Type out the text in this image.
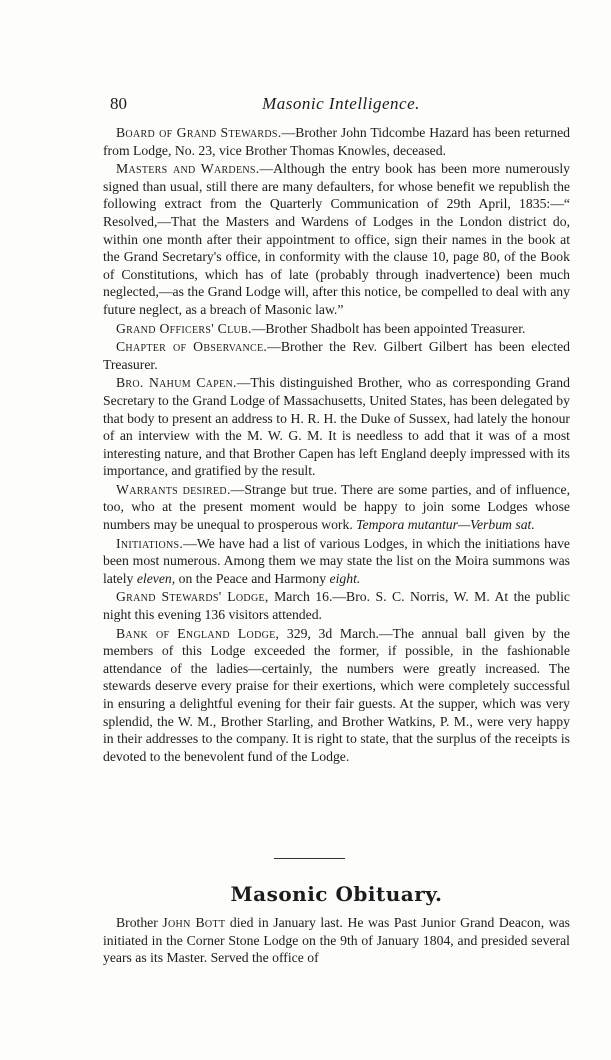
80	Masonic Intelligence.

Board of Grand Stewards.—Brother John Tidcombe Hazard has been returned from Lodge, No. 23, vice Brother Thomas Knowles, deceased.

Masters and Wardens.—Although the entry book has been more numerously signed than usual, still there are many defaulters, for whose benefit we republish the following extract from the Quarterly Communication of 29th April, 1835:—“ Resolved,—That the Masters and Wardens of Lodges in the London district do, within one month after their appointment to office, sign their names in the book at the Grand Secretary's office, in conformity with the clause 10, page 80, of the Book of Constitutions, which has of late (probably through inadvertence) been much neglected,—as the Grand Lodge will, after this notice, be compelled to deal with any future neglect, as a breach of Masonic law.”

Grand Officers' Club.—Brother Shadbolt has been appointed Treasurer.

Chapter of Observance.—Brother the Rev. Gilbert Gilbert has been elected Treasurer.

Bro. Nahum Capen.—This distinguished Brother, who as corresponding Grand Secretary to the Grand Lodge of Massachusetts, United States, has been delegated by that body to present an address to H. R. H. the Duke of Sussex, had lately the honour of an interview with the M. W. G. M. It is needless to add that it was of a most interesting nature, and that Brother Capen has left England deeply impressed with its importance, and gratified by the result.

Warrants desired.—Strange but true. There are some parties, and of influence, too, who at the present moment would be happy to join some Lodges whose numbers may be unequal to prosperous work. Tempora mutantur—Verbum sat.

Initiations.—We have had a list of various Lodges, in which the initiations have been most numerous. Among them we may state the list on the Moira summons was lately eleven, on the Peace and Harmony eight.

Grand Stewards' Lodge, March 16.—Bro. S. C. Norris, W. M. At the public night this evening 136 visitors attended.

Bank of England Lodge, 329, 3d March.—The annual ball given by the members of this Lodge exceeded the former, if possible, in the fashionable attendance of the ladies—certainly, the numbers were greatly increased. The stewards deserve every praise for their exertions, which were completely successful in ensuring a delightful evening for their fair guests. At the supper, which was very splendid, the W. M., Brother Starling, and Brother Watkins, P. M., were very happy in their addresses to the company. It is right to state, that the surplus of the receipts is devoted to the benevolent fund of the Lodge.

Masonic Obituary.

Brother John Bott died in January last. He was Past Junior Grand Deacon, was initiated in the Corner Stone Lodge on the 9th of January 1804, and presided several years as its Master. Served the office of
